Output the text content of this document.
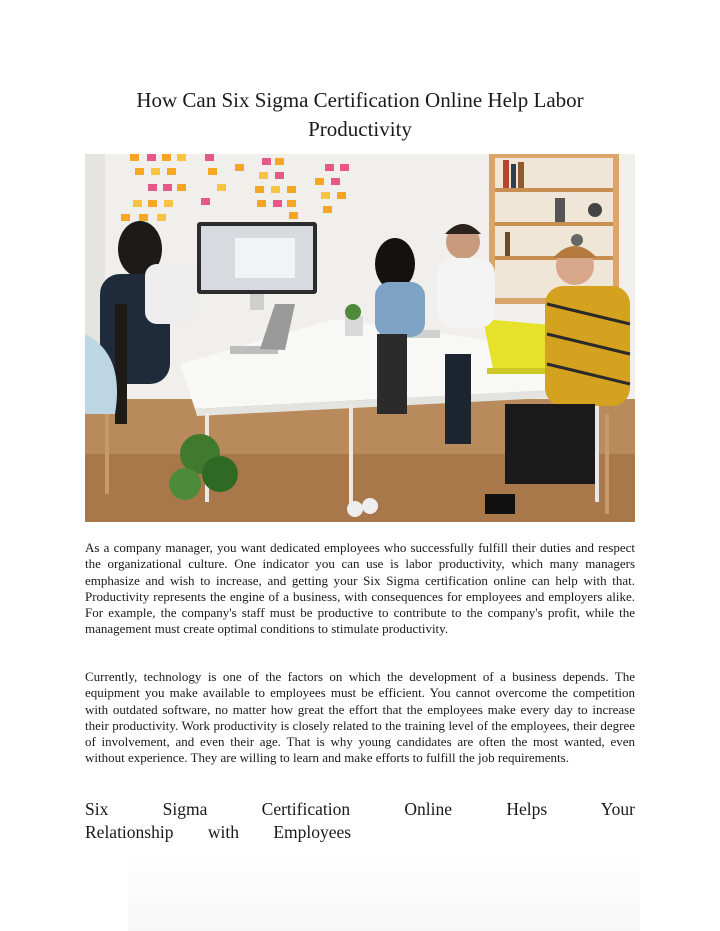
How Can Six Sigma Certification Online Help Labor Productivity

As a company manager, you want dedicated employees who successfully fulfill their duties and respect the organizational culture. One indicator you can use is labor productivity, which many managers emphasize and wish to increase, and getting your Six Sigma certification online can help with that. Productivity represents the engine of a business, with consequences for employees and employers alike. For example, the company's staff must be productive to contribute to the company's profit, while the management must create optimal conditions to stimulate productivity.

Currently, technology is one of the factors on which the development of a business depends. The equipment you make available to employees must be efficient. You cannot overcome the competition with outdated software, no matter how great the effort that the employees make every day to increase their productivity. Work productivity is closely related to the training level of the employees, their degree of involvement, and even their age. That is why young candidates are often the most wanted, even without experience. They are willing to learn and make efforts to fulfill the job requirements.

Six Sigma Certification Online Helps Your Relationship with Employees
